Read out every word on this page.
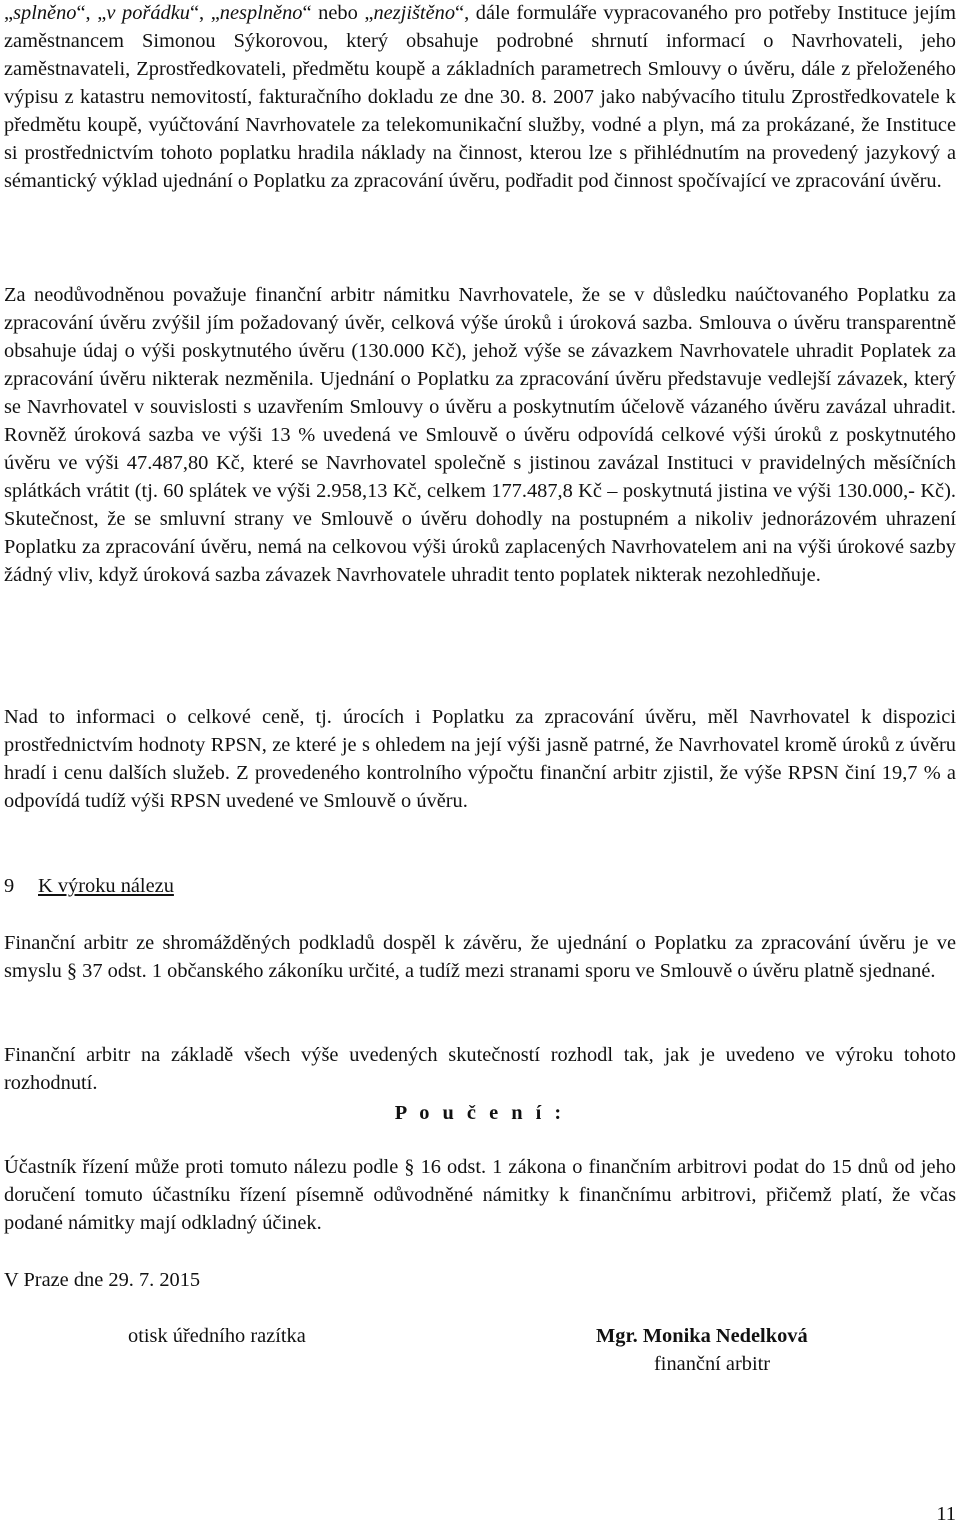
„splněno“, „v pořádku“, „nesplněno“ nebo „nezjištěno“, dále formuláře vypracovaného pro potřeby Instituce jejím zaměstnancem Simonou Sýkorovou, který obsahuje podrobné shrnutí informací o Navrhovateli, jeho zaměstnavateli, Zprostředkovateli, předmětu koupě a základních parametrech Smlouvy o úvěru, dále z přeloženého výpisu z katastru nemovitostí, fakturačního dokladu ze dne 30. 8. 2007 jako nabývacího titulu Zprostředkovatele k předmětu koupě, vyúčtování Navrhovatele za telekomunikační služby, vodné a plyn, má za prokázané, že Instituce si prostřednictvím tohoto poplatku hradila náklady na činnost, kterou lze s přihlédnutím na provedený jazykový a sémantický výklad ujednání o Poplatku za zpracování úvěru, podřadit pod činnost spočívající ve zpracování úvěru.

Za neodůvodněnou považuje finanční arbitr námitku Navrhovatele, že se v důsledku naúčtovaného Poplatku za zpracování úvěru zvýšil jím požadovaný úvěr, celková výše úroků i úroková sazba. Smlouva o úvěru transparentně obsahuje údaj o výši poskytnutého úvěru (130.000 Kč), jehož výše se závazkem Navrhovatele uhradit Poplatek za zpracování úvěru nikterak nezměnila. Ujednání o Poplatku za zpracování úvěru představuje vedlejší závazek, který se Navrhovatel v souvislosti s uzavřením Smlouvy o úvěru a poskytnutím účelově vázaného úvěru zavázal uhradit. Rovněž úroková sazba ve výši 13 % uvedená ve Smlouvě o úvěru odpovídá celkové výši úroků z poskytnutého úvěru ve výši 47.487,80 Kč, které se Navrhovatel společně s jistinou zavázal Instituci v pravidelných měsíčních splátkách vrátit (tj. 60 splátek ve výši 2.958,13 Kč, celkem 177.487,8 Kč – poskytnutá jistina ve výši 130.000,- Kč). Skutečnost, že se smluvní strany ve Smlouvě o úvěru dohodly na postupném a nikoliv jednorázovém uhrazení Poplatku za zpracování úvěru, nemá na celkovou výši úroků zaplacených Navrhovatelem ani na výši úrokové sazby žádný vliv, když úroková sazba závazek Navrhovatele uhradit tento poplatek nikterak nezohledňuje.

Nad to informaci o celkové ceně, tj. úrocích i Poplatku za zpracování úvěru, měl Navrhovatel k dispozici prostřednictvím hodnoty RPSN, ze které je s ohledem na její výši jasně patrné, že Navrhovatel kromě úroků z úvěru hradí i cenu dalších služeb. Z provedeného kontrolního výpočtu finanční arbitr zjistil, že výše RPSN činí 19,7 % a odpovídá tudíž výši RPSN uvedené ve Smlouvě o úvěru.

9 K výroku nálezu

Finanční arbitr ze shromážděných podkladů dospěl k závěru, že ujednání o Poplatku za zpracování úvěru je ve smyslu § 37 odst. 1 občanského zákoníku určité, a tudíž mezi stranami sporu ve Smlouvě o úvěru platně sjednané.

Finanční arbitr na základě všech výše uvedených skutečností rozhodl tak, jak je uvedeno ve výroku tohoto rozhodnutí.

P o u č e n í :

Účastník řízení může proti tomuto nálezu podle § 16 odst. 1 zákona o finančním arbitrovi podat do 15 dnů od jeho doručení tomuto účastníku řízení písemně odůvodněné námitky k finančnímu arbitrovi, přičemž platí, že včas podané námitky mají odkladný účinek.

V Praze dne 29. 7. 2015
otisk úředního razítka	Mgr. Monika Nedelková
finanční arbitr
11
